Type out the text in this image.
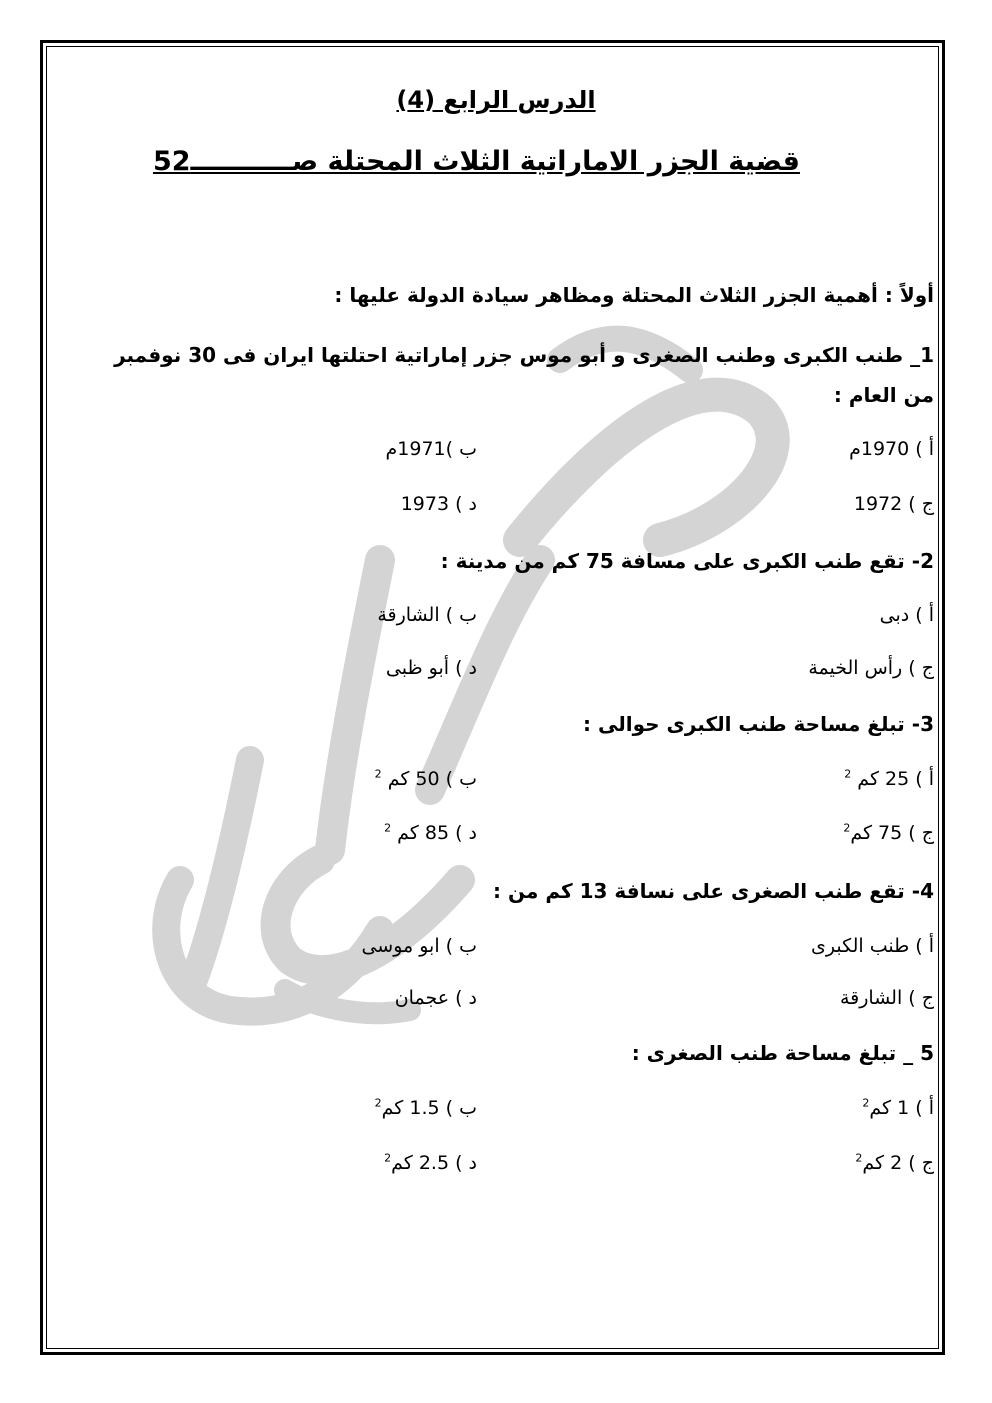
الدرس الرابع (4)
قضية الجزر الاماراتية الثلاث المحتلة صـــــــــــ52
أولاً : أهمية الجزر الثلاث المحتلة ومظاهر سيادة الدولة عليها :
1_ طنب الكبرى وطنب الصغرى و أبو موس جزر إماراتية احتلتها ايران فى 30 نوفمبر
من العام :
أ ) 1970م
ب )1971م
ج ) 1972
د ) 1973
2- تقع طنب الكبرى على مسافة 75 كم من مدينة :
أ ) دبى
ب ) الشارقة
ج ) رأس الخيمة
د ) أبو ظبى
3- تبلغ مساحة طنب الكبرى حوالى :
أ ) 25 كم $^2$
ب ) 50 كم $^2$
ج ) 75 كم$^2$
د ) 85 كم $^2$
4- تقع طنب الصغرى على نسافة 13 كم من :
أ ) طنب الكبرى
ب ) ابو موسى
ج ) الشارقة
د ) عجمان
5 _ تبلغ مساحة طنب الصغرى :
أ ) 1 كم$^2$
ب ) 1.5 كم$^2$
ج ) 2 كم$^2$
د ) 2.5 كم$^2$
